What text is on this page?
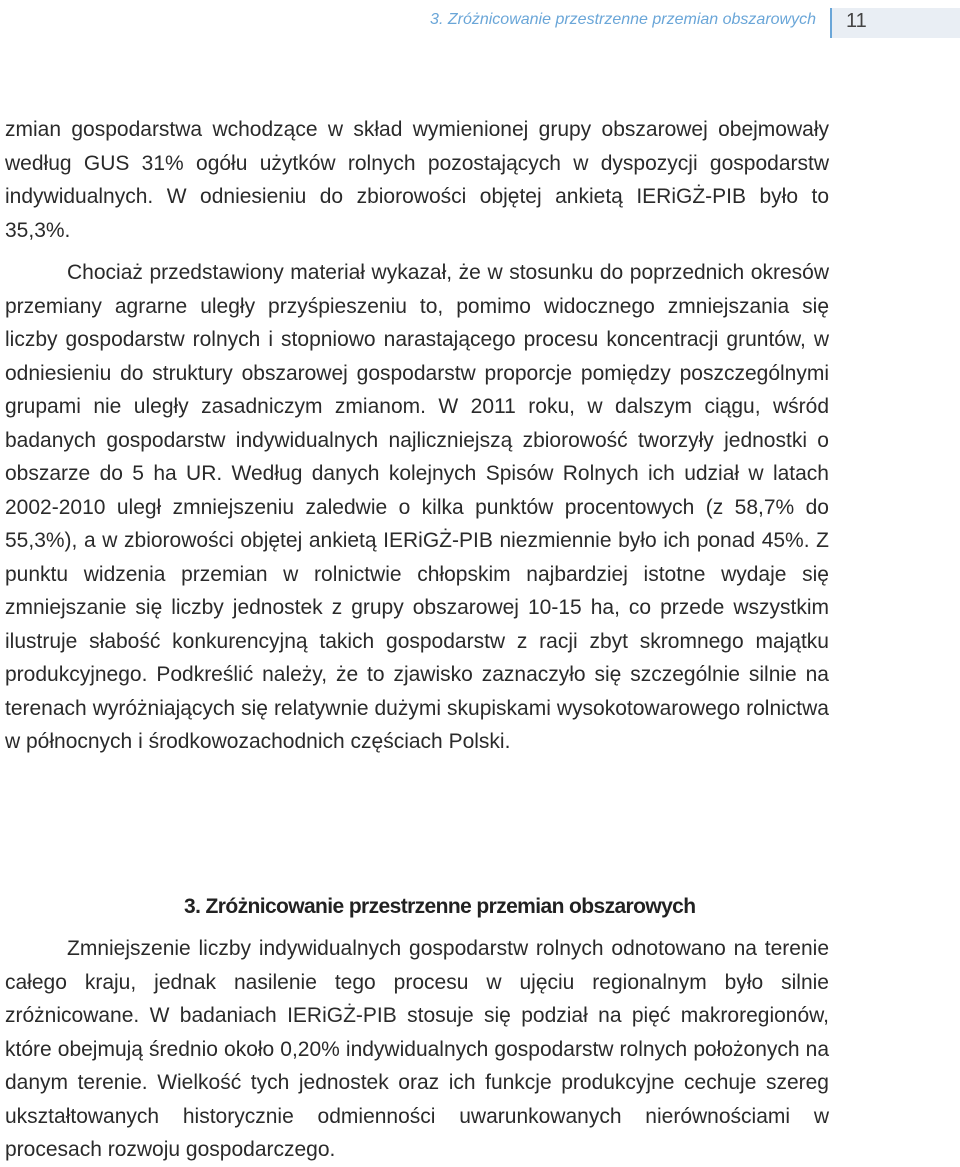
3. Zróżnicowanie przestrzenne przemian obszarowych 11

zmian gospodarstwa wchodzące w skład wymienionej grupy obszarowej obejmowały według GUS 31% ogółu użytków rolnych pozostających w dyspozycji gospodarstw indywidualnych. W odniesieniu do zbiorowości objętej ankietą IERiGŻ-PIB było to 35,3%.

Chociaż przedstawiony materiał wykazał, że w stosunku do poprzednich okresów przemiany agrarne uległy przyśpieszeniu to, pomimo widocznego zmniejszania się liczby gospodarstw rolnych i stopniowo narastającego procesu koncentracji gruntów, w odniesieniu do struktury obszarowej gospodarstw proporcje pomiędzy poszczególnymi grupami nie uległy zasadniczym zmianom. W 2011 roku, w dalszym ciągu, wśród badanych gospodarstw indywidualnych najliczniejszą zbiorowość tworzyły jednostki o obszarze do 5 ha UR. Według danych kolejnych Spisów Rolnych ich udział w latach 2002-2010 uległ zmniejszeniu zaledwie o kilka punktów procentowych (z 58,7% do 55,3%), a w zbiorowości objętej ankietą IERiGŻ-PIB niezmiennie było ich ponad 45%. Z punktu widzenia przemian w rolnictwie chłopskim najbardziej istotne wydaje się zmniejszanie się liczby jednostek z grupy obszarowej 10-15 ha, co przede wszystkim ilustruje słabość konkurencyjną takich gospodarstw z racji zbyt skromnego majątku produkcyjnego. Podkreślić należy, że to zjawisko zaznaczyło się szczególnie silnie na terenach wyróżniających się relatywnie dużymi skupiskami wysokotowarowego rolnictwa w północnych i środkowozachodnich częściach Polski.

3. Zróżnicowanie przestrzenne przemian obszarowych

Zmniejszenie liczby indywidualnych gospodarstw rolnych odnotowano na terenie całego kraju, jednak nasilenie tego procesu w ujęciu regionalnym było silnie zróżnicowane. W badaniach IERiGŻ-PIB stosuje się podział na pięć makroregionów, które obejmują średnio około 0,20% indywidualnych gospodarstw rolnych położonych na danym terenie. Wielkość tych jednostek oraz ich funkcje produkcyjne cechuje szereg ukształtowanych historycznie odmienności uwarunkowanych nierównościami w procesach rozwoju gospodarczego.
